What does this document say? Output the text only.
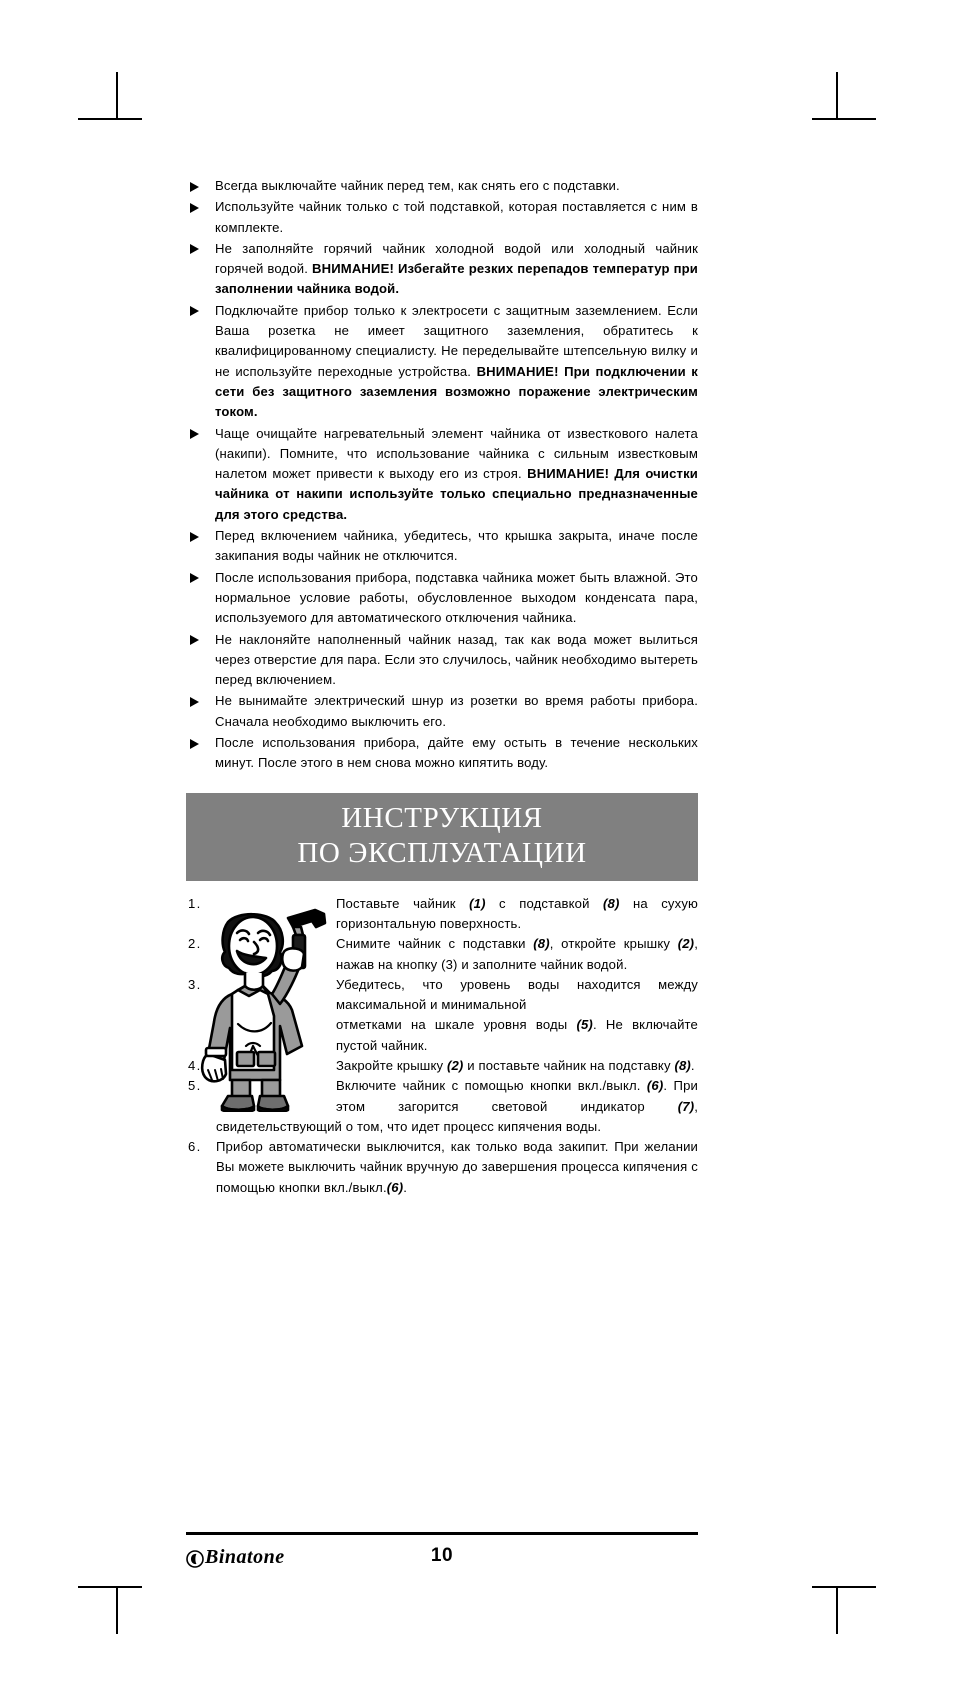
Всегда выключайте чайник перед тем, как снять его с подставки.
Используйте чайник только с той подставкой, которая поставляется с ним в комплекте.
Не заполняйте горячий чайник холодной водой или холодный чайник горячей водой. ВНИМАНИЕ! Избегайте резких перепадов температур при заполнении чайника водой.
Подключайте прибор только к электросети с защитным заземлением. Если Ваша розетка не имеет защитного заземления, обратитесь к квалифицированному специалисту. Не переделывайте штепсельную вилку и не используйте переходные устройства. ВНИМАНИЕ! При подключении к сети без защитного заземления возможно поражение электрическим током.
Чаще очищайте нагревательный элемент чайника от известкового налета (накипи). Помните, что использование чайника с сильным известковым налетом может привести к выходу его из строя. ВНИМАНИЕ! Для очистки чайника от накипи используйте только специально предназначенные для этого средства.
Перед включением чайника, убедитесь, что крышка закрыта, иначе после закипания воды чайник не отключится.
После использования прибора, подставка чайника может быть влажной. Это нормальное условие работы, обусловленное выходом конденсата пара, используемого для автоматического отключения чайника.
Не наклоняйте наполненный чайник назад, так как вода может вылиться через отверстие для пара. Если это случилось, чайник необходимо вытереть перед включением.
Не вынимайте электрический шнур из розетки во время работы прибора. Сначала необходимо выключить его.
После использования прибора, дайте ему остыть в течение нескольких минут. После этого в нем снова можно кипятить воду.
ИНСТРУКЦИЯ
ПО ЭКСПЛУАТАЦИИ
1.	Поставьте чайник (1) с подставкой (8) на сухую горизонтальную поверхность.
2.	Снимите чайник с подставки (8), откройте крышку (2), нажав на кнопку (3) и заполните чайник водой.
3.	Убедитесь, что уровень воды находится между максимальной и минимальной
отметками на шкале уровня воды (5). Не включайте пустой чайник.
4.	Закройте крышку (2) и поставьте чайник на подставку (8).
5.	Включите чайник с помощью кнопки вкл./выкл. (6). При этом загорится световой индикатор (7), свидетельствующий о том, что идет процесс кипячения воды.
6.	Прибор автоматически выключится, как только вода закипит. При желании Вы можете выключить чайник вручную до завершения процесса кипячения с помощью кнопки вкл./выкл.(6).
Binatone	10
